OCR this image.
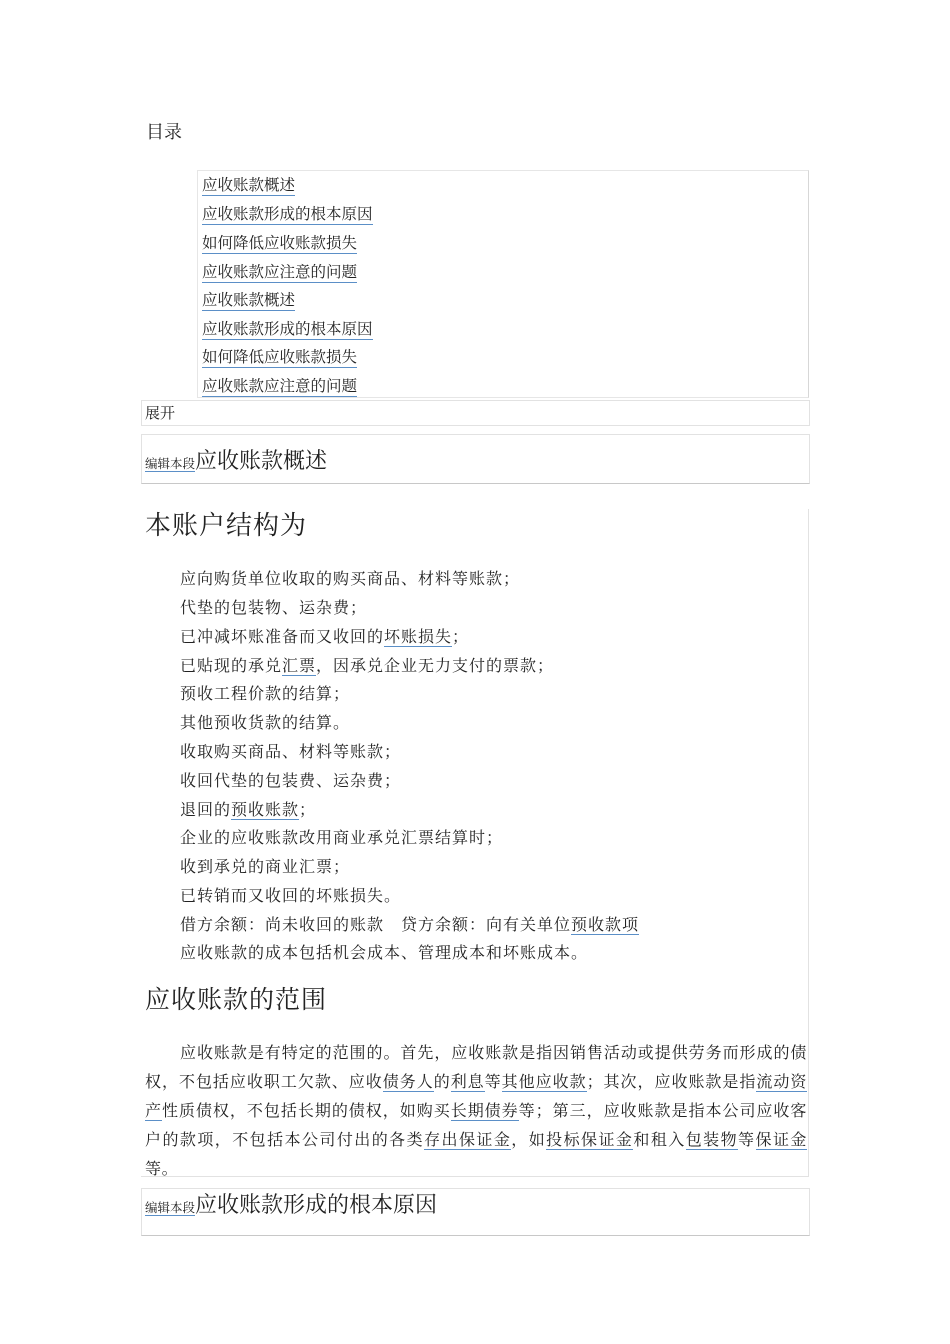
目录
应收账款概述
应收账款形成的根本原因
如何降低应收账款损失
应收账款应注意的问题
应收账款概述
应收账款形成的根本原因
如何降低应收账款损失
应收账款应注意的问题
展开
编辑本段应收账款概述
本账户结构为
应向购货单位收取的购买商品、材料等账款；
代垫的包装物、运杂费；
已冲减坏账准备而又收回的坏账损失；
已贴现的承兑汇票，因承兑企业无力支付的票款；
预收工程价款的结算；
其他预收货款的结算。
收取购买商品、材料等账款；
收回代垫的包装费、运杂费；
退回的预收账款；
企业的应收账款改用商业承兑汇票结算时；
收到承兑的商业汇票；
已转销而又收回的坏账损失。
借方余额：尚未收回的账款　贷方余额：向有关单位预收款项
应收账款的成本包括机会成本、管理成本和坏账成本。
应收账款的范围
应收账款是有特定的范围的。首先，应收账款是指因销售活动或提供劳务而形成的债权，不包括应收职工欠款、应收债务人的利息等其他应收款；其次，应收账款是指流动资产性质债权，不包括长期的债权，如购买长期债券等；第三，应收账款是指本公司应收客户的款项，不包括本公司付出的各类存出保证金，如投标保证金和租入包装物等保证金等。
编辑本段应收账款形成的根本原因
